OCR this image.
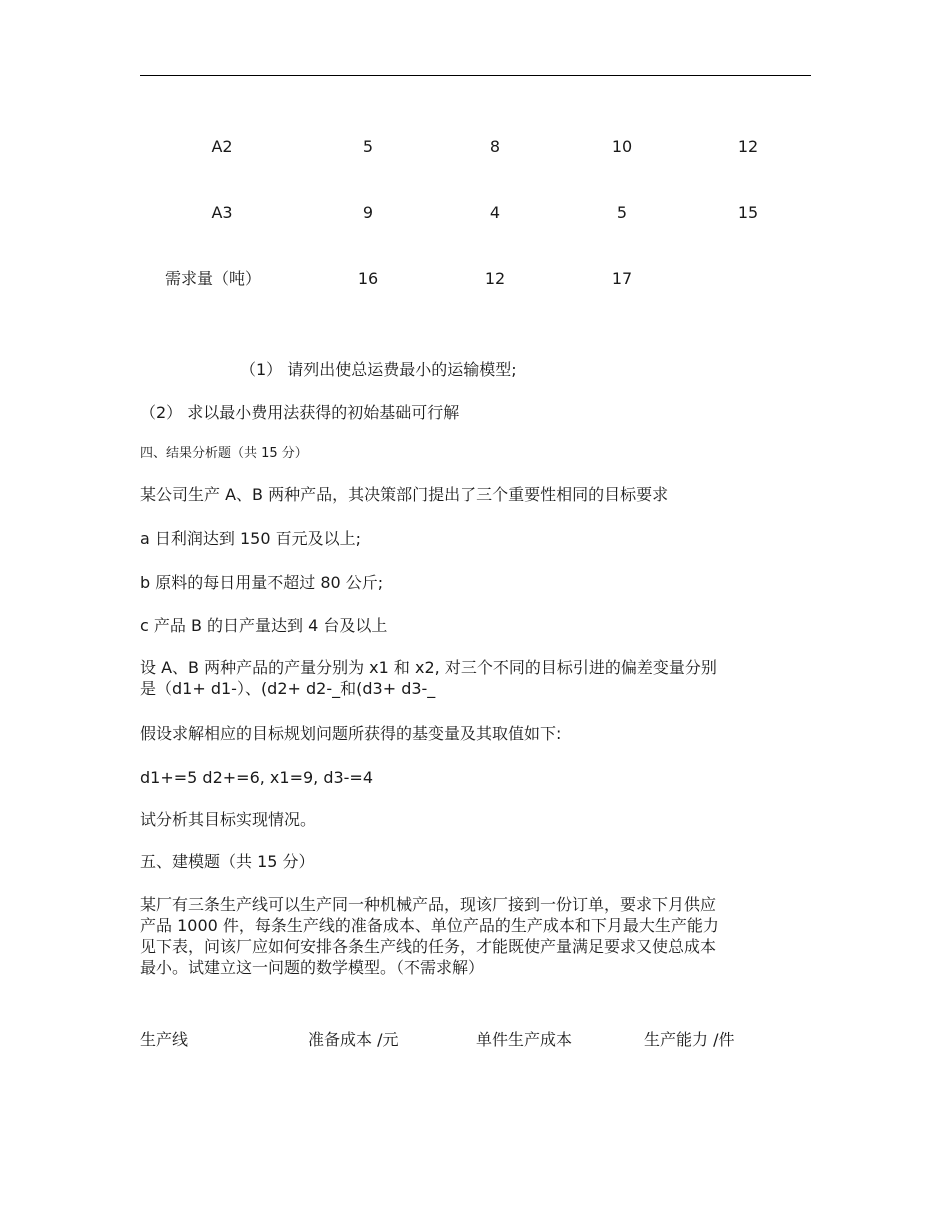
A2	5	8	10	12
A3	9	4	5	15
需求量（吨）	16	12	17
（1） 请列出使总运费最小的运输模型;
（2） 求以最小费用法获得的初始基础可行解
四、结果分析题（共 15 分）
某公司生产 A、B 两种产品，其决策部门提出了三个重要性相同的目标要求
a 日利润达到 150 百元及以上;
b 原料的每日用量不超过 80 公斤;
c 产品 B 的日产量达到 4 台及以上
设 A、B 两种产品的产量分别为 x1 和 x2, 对三个不同的目标引进的偏差变量分别
是（d1+ d1-）、(d2+ d2-_和(d3+ d3-_
假设求解相应的目标规划问题所获得的基变量及其取值如下:
d1+=5 d2+=6, x1=9, d3-=4
试分析其目标实现情况。
五、建模题（共 15 分）
某厂有三条生产线可以生产同一种机械产品，现该厂接到一份订单，要求下月供应
产品 1000 件，每条生产线的准备成本、单位产品的生产成本和下月最大生产能力
见下表，问该厂应如何安排各条生产线的任务，才能既使产量满足要求又使总成本
最小。试建立这一问题的数学模型。（不需求解）
生产线	准备成本 /元	单件生产成本	生产能力 /件
